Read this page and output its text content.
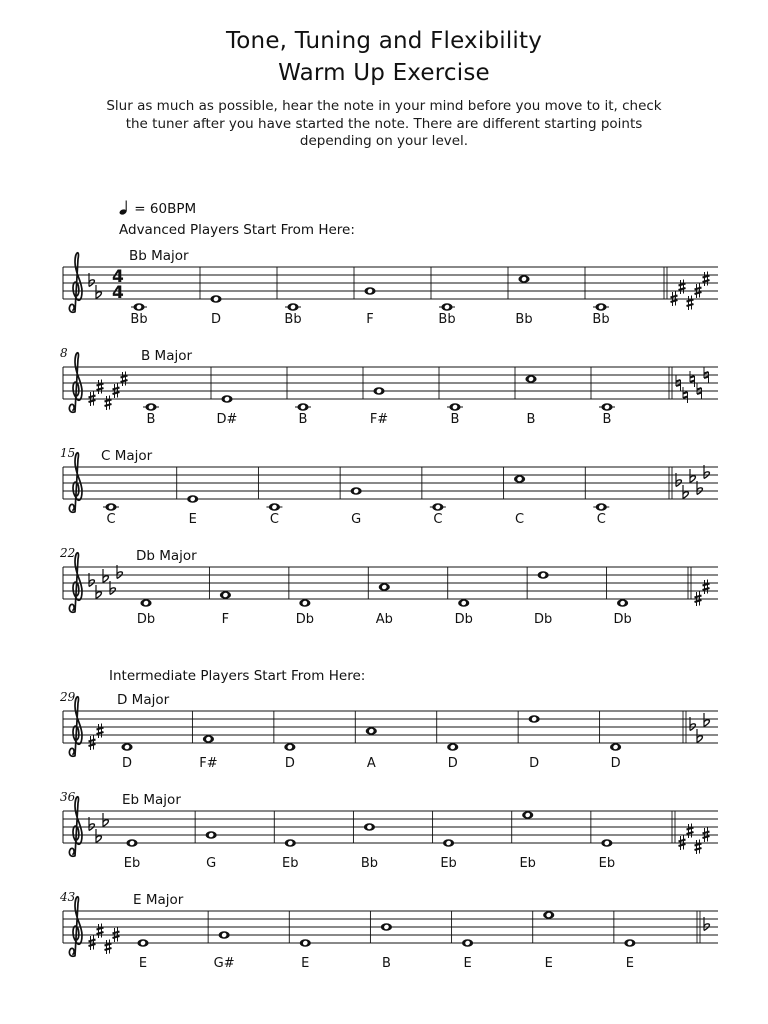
Tone, Tuning and Flexibility
Warm Up Exercise
Slur as much as possible, hear the note in your mind before you move to it, check the tuner after you have started the note. There are different starting points depending on your level.
= 60BPM
Advanced Players Start From Here:
Intermediate Players Start From Here:
4
4
Bb Major
Bb	D	Bb	F	Bb	Bb	Bb
8	B Major
B	D#	B	F#	B	B	B
15 C Major
C	E	C	G	C	C	C
22	Db Major
Db	F	Db	Ab	Db	Db	Db
29	D Major
D	F#	D	A	D	D	D
36	Eb Major
Eb	G	Eb	Bb	Eb	Eb	Eb
43	E Major
E	G#	E	B	E	E	E
